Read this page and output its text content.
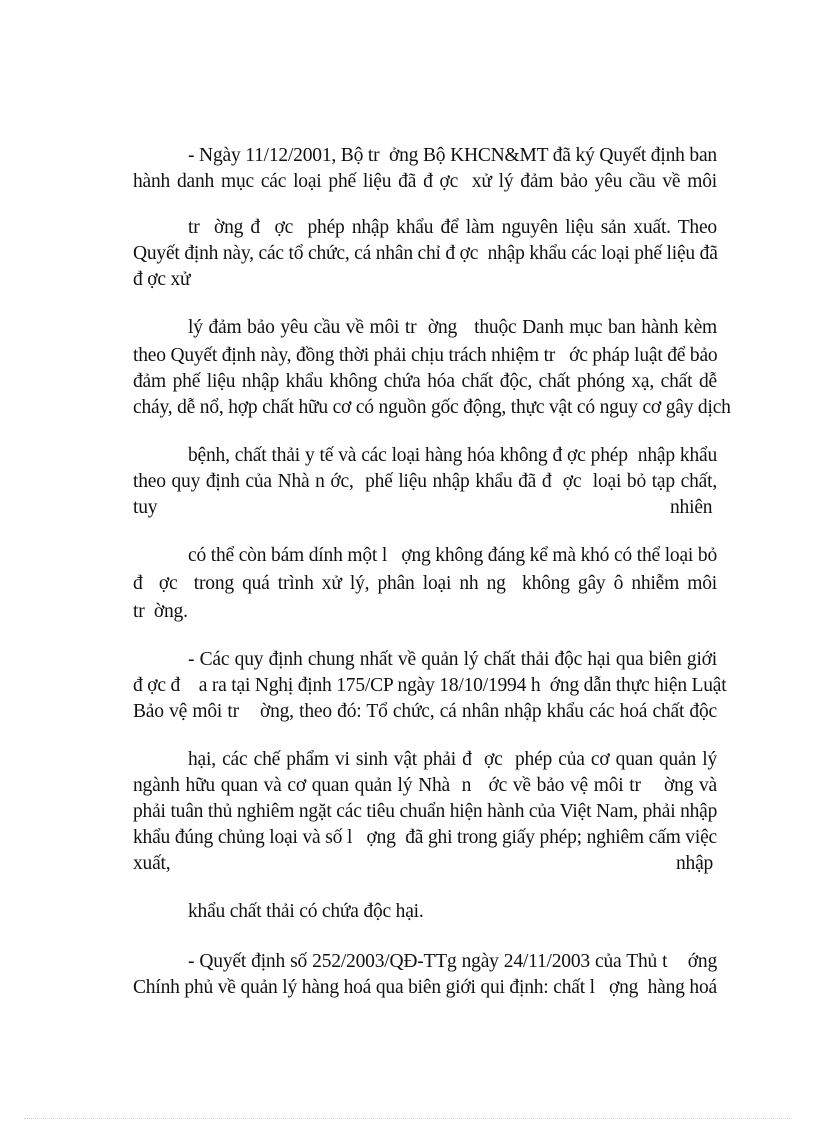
- Ngày 11/12/2001, Bộ tr  ởng Bộ KHCN&MT đã ký Quyết định ban
hành danh mục các loại phế liệu đã đ ợc  xử lý đảm bảo yêu cầu về môi
tr  ờng đ  ợc  phép nhập khẩu để làm nguyên liệu sản xuất. Theo
Quyết định này, các tổ chức, cá nhân chỉ đ ợc  nhập khẩu các loại phế liệu đã
đ ợc xử
lý đảm bảo yêu cầu về môi tr  ờng   thuộc Danh mục ban hành kèm
theo Quyết định này, đồng thời phải chịu trách nhiệm tr   ớc pháp luật để bảo
đảm phế liệu nhập khẩu không chứa hóa chất độc, chất phóng xạ, chất dễ
cháy, dễ nổ, hợp chất hữu cơ có nguồn gốc động, thực vật có nguy cơ gây dịch
bệnh, chất thải y tế và các loại hàng hóa không đ ợc phép  nhập khẩu
theo quy định của Nhà n ớc,  phế liệu nhập khẩu đã đ  ợc  loại bỏ tạp chất,
tuy	nhiên
có thể còn bám dính một l   ợng không đáng kể mà khó có thể loại bỏ
đ  ợc  trong quá trình xử lý, phân loại nh ng  không gây ô nhiễm môi
tr  ờng.
- Các quy định chung nhất về quản lý chất thải độc hại qua biên giới
đ ợc đ    a ra tại Nghị định 175/CP ngày 18/10/1994 h  ớng dẫn thực hiện Luật
Bảo vệ môi tr    ờng, theo đó: Tổ chức, cá nhân nhập khẩu các hoá chất độc
hại, các chế phẩm vi sinh vật phải đ  ợc  phép của cơ quan quản lý
ngành hữu quan và cơ quan quản lý Nhà  n   ớc về bảo vệ môi tr    ờng và
phải tuân thủ nghiêm ngặt các tiêu chuẩn hiện hành của Việt Nam, phải nhập
khẩu đúng chủng loại và số l   ợng  đã ghi trong giấy phép; nghiêm cấm việc
xuất,	nhập
khẩu chất thải có chứa độc hại.
- Quyết định số 252/2003/QĐ-TTg ngày 24/11/2003 của Thủ t    ớng
Chính phủ về quản lý hàng hoá qua biên giới qui định: chất l   ợng  hàng hoá
